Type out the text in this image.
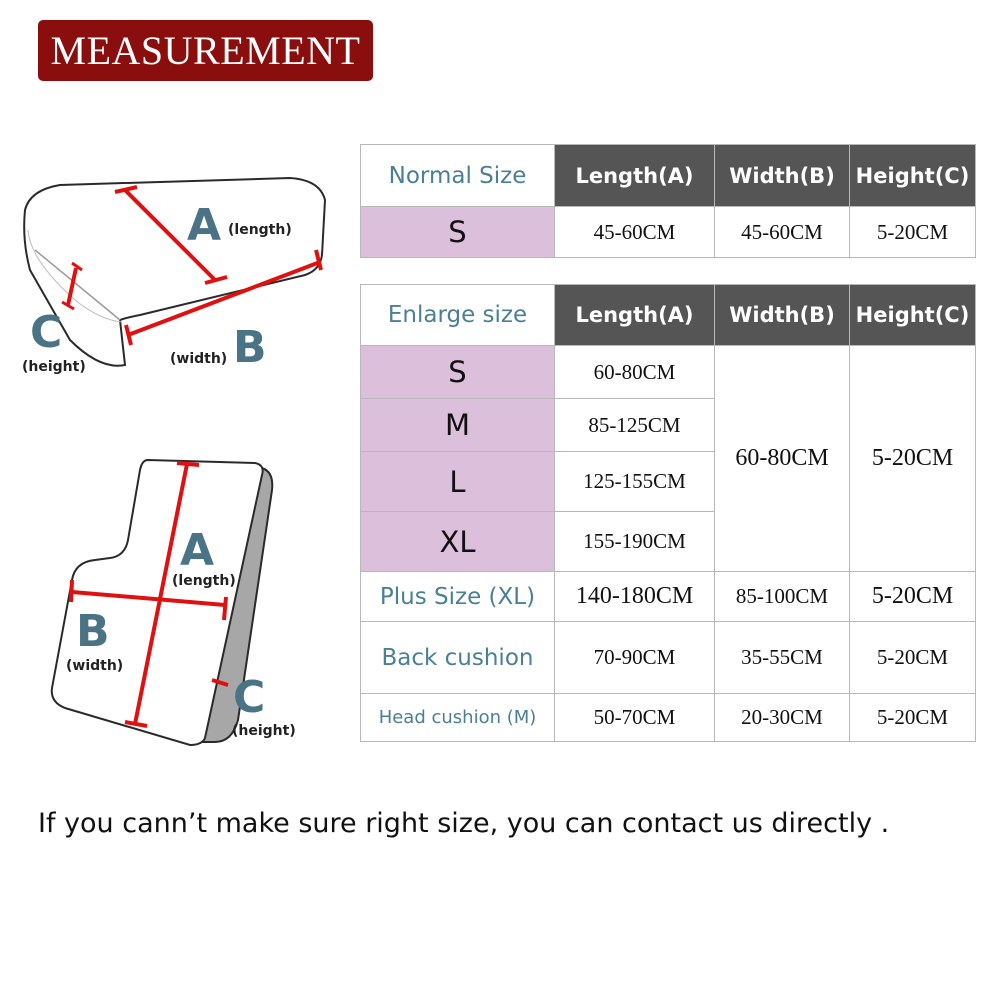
MEASUREMENT
A (length)
B
(width)
C
(height)
A
(length)
B
(width)
C
(height)
Normal Size	Length(A)	Width(B)	Height(C)
S	45-60CM	45-60CM	5-20CM
Enlarge size	Length(A)	Width(B)	Height(C)
S	60-80CM	60-80CM	5-20CM
M	85-125CM		
L	125-155CM		
XL	155-190CM		
Plus Size (XL)	140-180CM	85-100CM	5-20CM
Back cushion	70-90CM	35-55CM	5-20CM
Head cushion (M)	50-70CM	20-30CM	5-20CM
If you cann’t make sure right size, you can contact us directly .
